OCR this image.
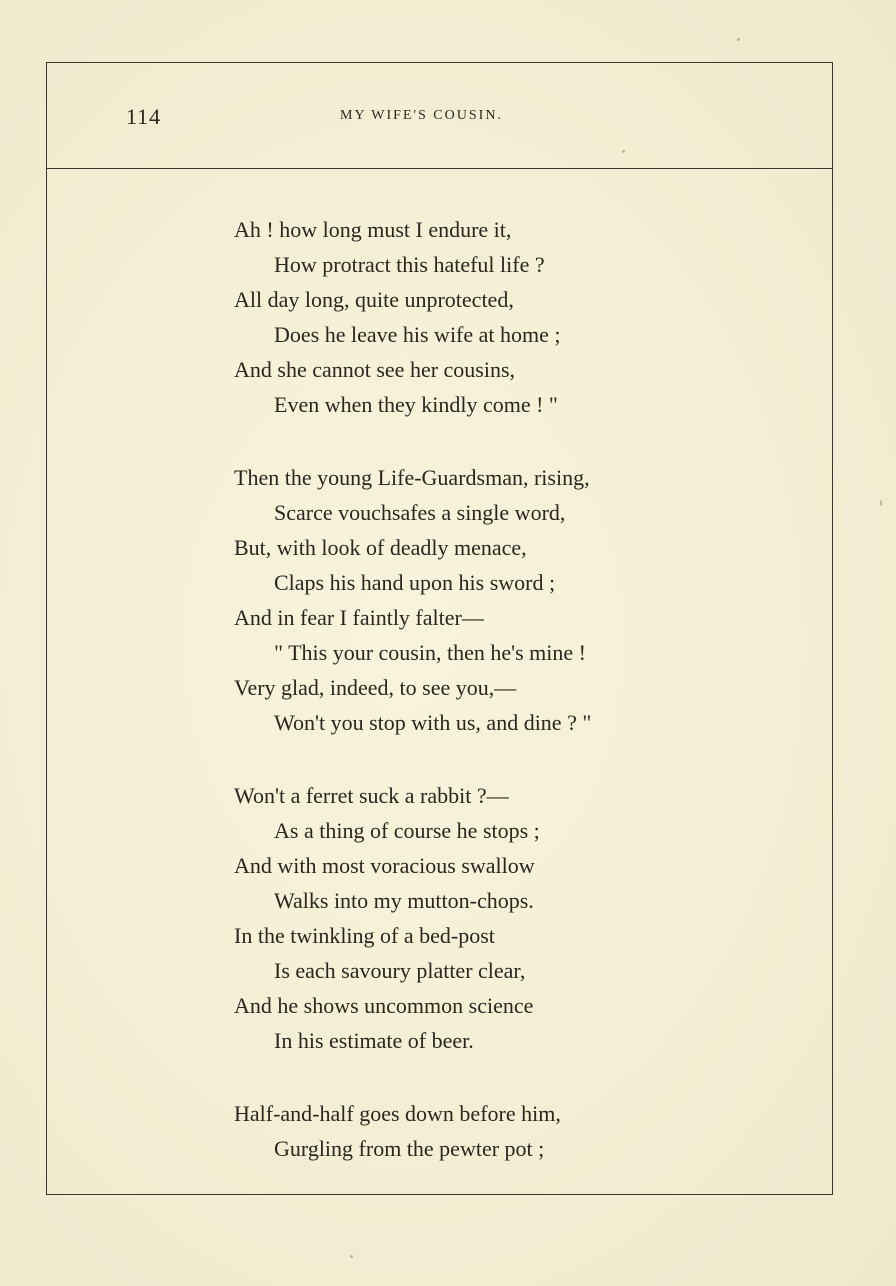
114	MY WIFE'S COUSIN.
Ah ! how long must I endure it,
How protract this hateful life ?
All day long, quite unprotected,
Does he leave his wife at home ;
And she cannot see her cousins,
Even when they kindly come ! "
Then the young Life-Guardsman, rising,
Scarce vouchsafes a single word,
But, with look of deadly menace,
Claps his hand upon his sword ;
And in fear I faintly falter—
" This your cousin, then he's mine !
Very glad, indeed, to see you,—
Won't you stop with us, and dine ? "
Won't a ferret suck a rabbit ?—
As a thing of course he stops ;
And with most voracious swallow
Walks into my mutton-chops.
In the twinkling of a bed-post
Is each savoury platter clear,
And he shows uncommon science
In his estimate of beer.
Half-and-half goes down before him,
Gurgling from the pewter pot ;
